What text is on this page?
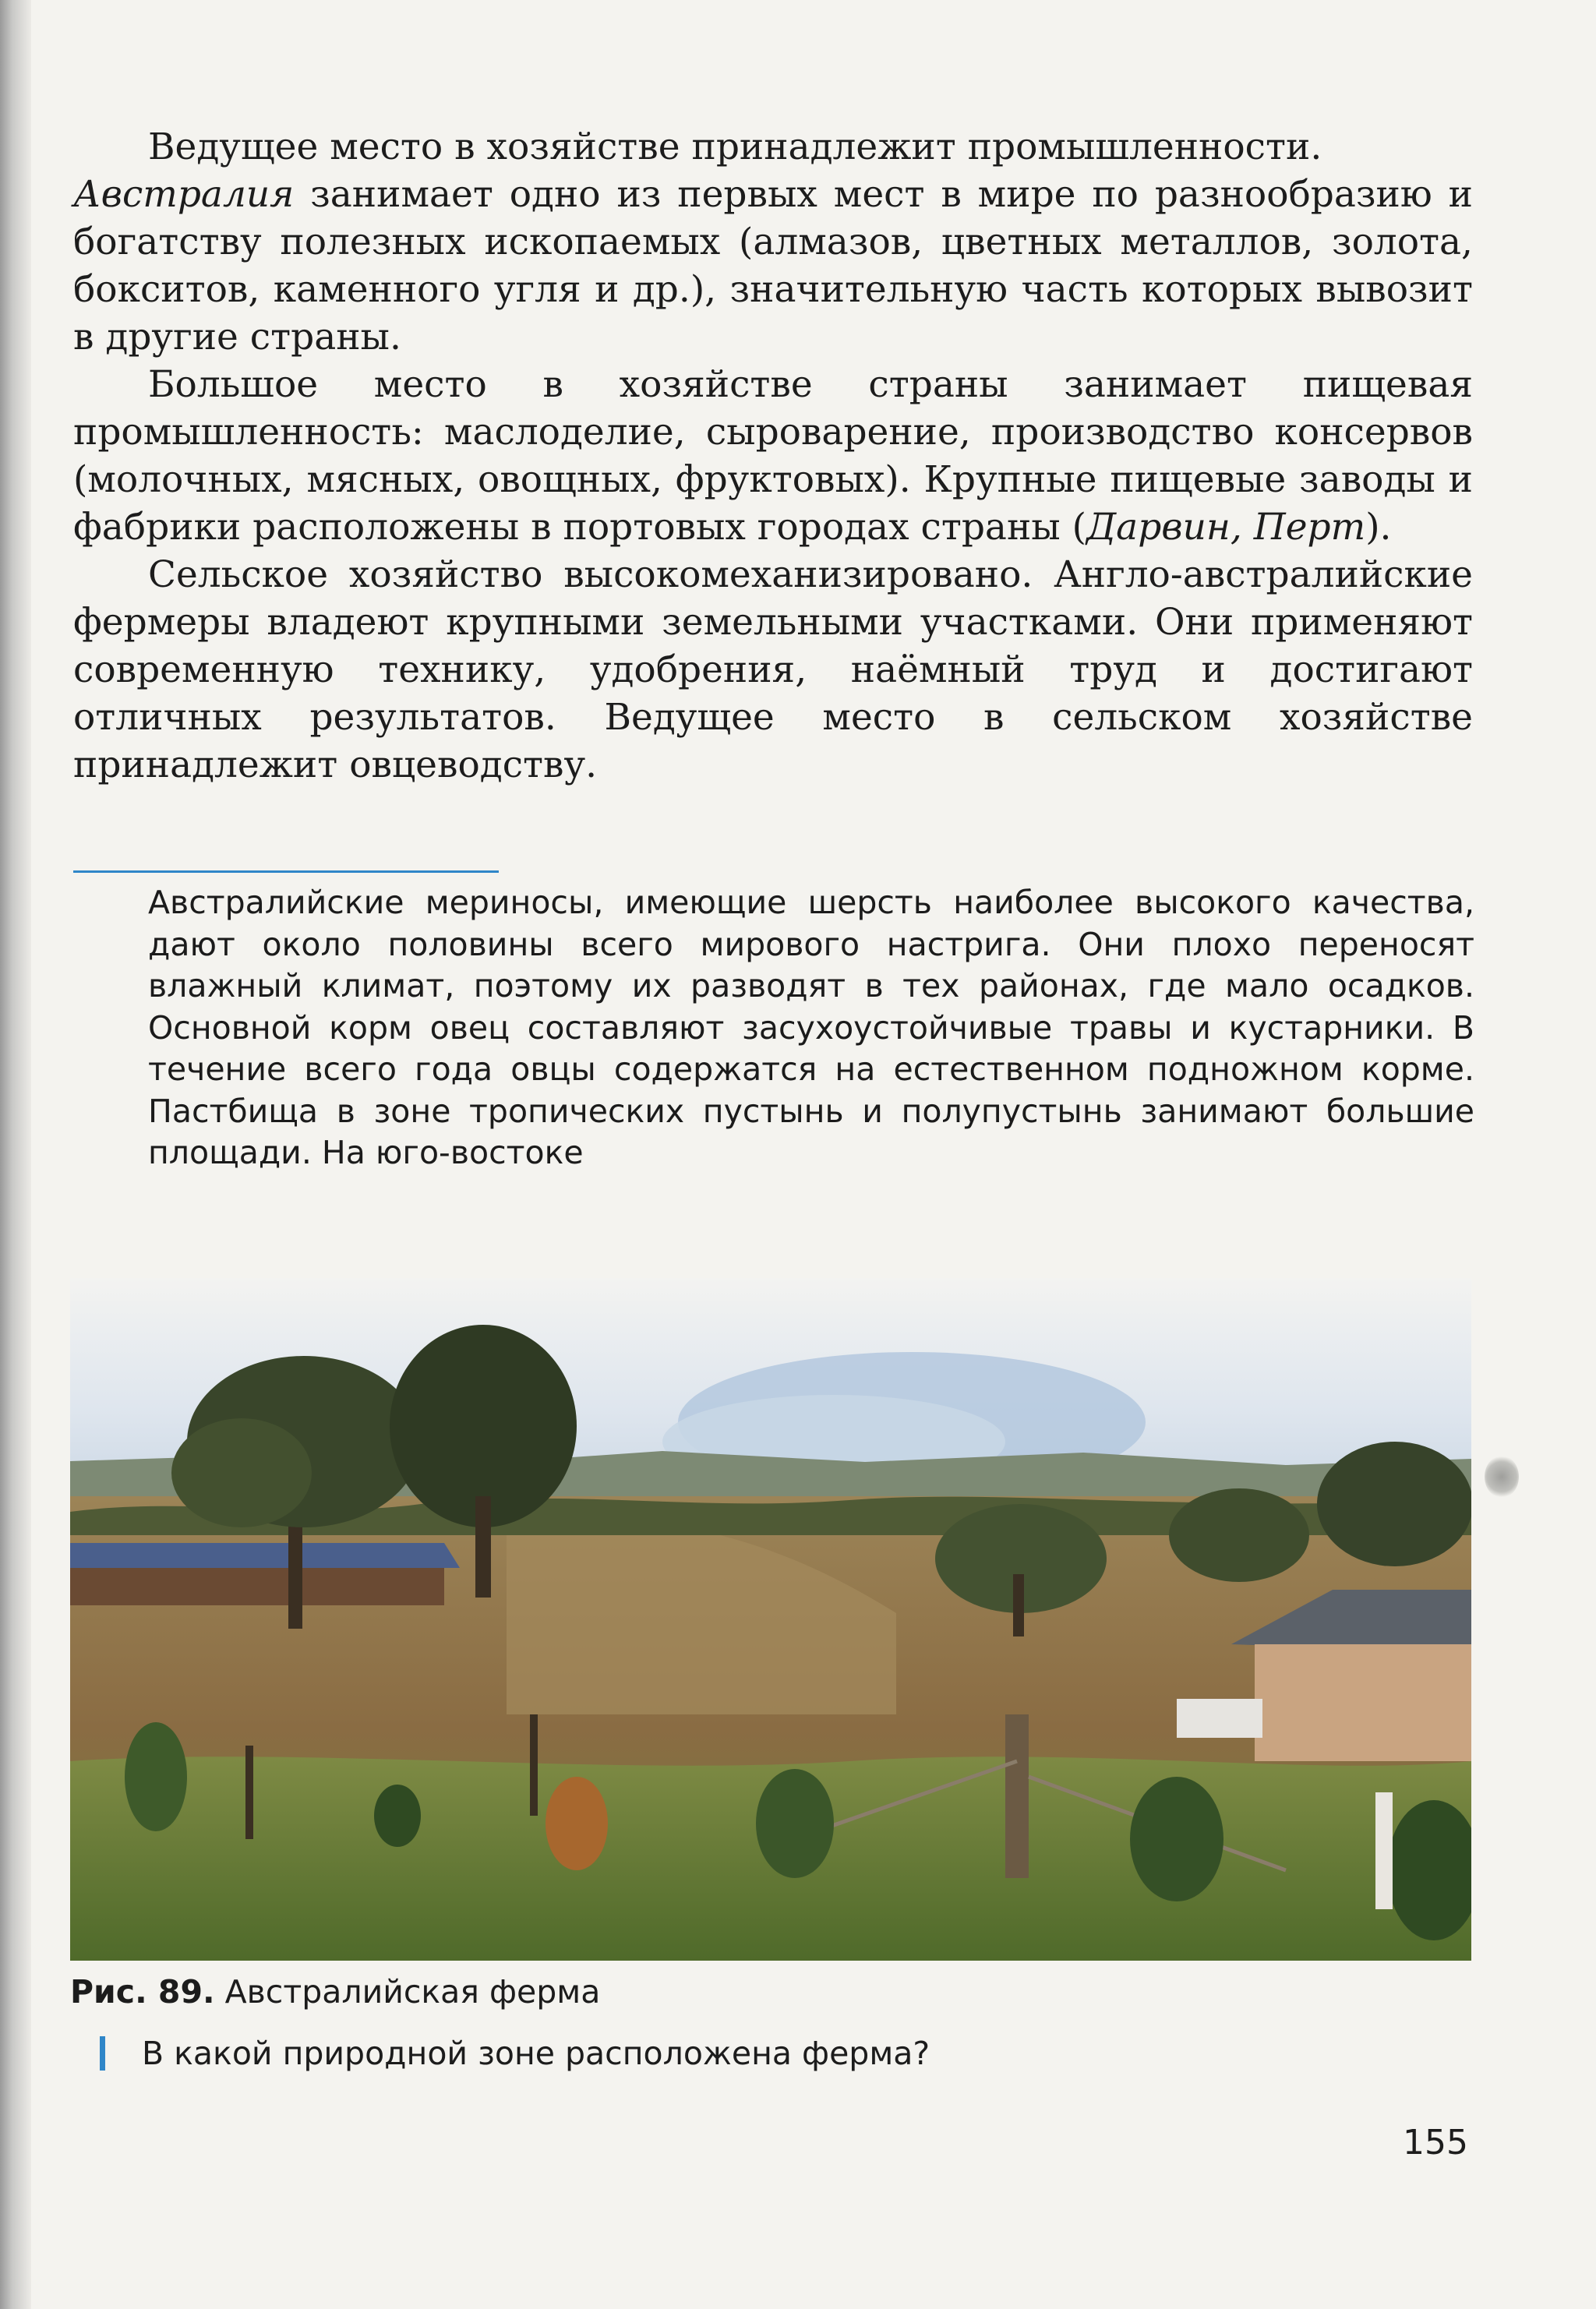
Ведущее место в хозяйстве принадлежит промышленности.

Австралия занимает одно из первых мест в мире по разнообразию и богатству полезных ископаемых (алмазов, цветных металлов, золота, бокситов, каменного угля и др.), значительную часть которых вывозит в другие страны.

Большое место в хозяйстве страны занимает пищевая промышленность: маслоделие, сыроварение, производство консервов (молочных, мясных, овощных, фруктовых). Крупные пищевые заводы и фабрики расположены в портовых городах страны (Дарвин, Перт).

Сельское хозяйство высокомеханизировано. Англо-австралийские фермеры владеют крупными земельными участками. Они применяют современную технику, удобрения, наёмный труд и достигают отличных результатов. Ведущее место в сельском хозяйстве принадлежит овцеводству.

Австралийские мериносы, имеющие шерсть наиболее высокого качества, дают около половины всего мирового настрига. Они плохо переносят влажный климат, поэтому их разводят в тех районах, где мало осадков. Основной корм овец составляют засухоустойчивые травы и кустарники. В течение всего года овцы содержатся на естественном подножном корме. Пастбища в зоне тропических пустынь и полупустынь занимают большие площади. На юго-востоке
Рис. 89. Австралийская ферма
В какой природной зоне расположена ферма?
155
